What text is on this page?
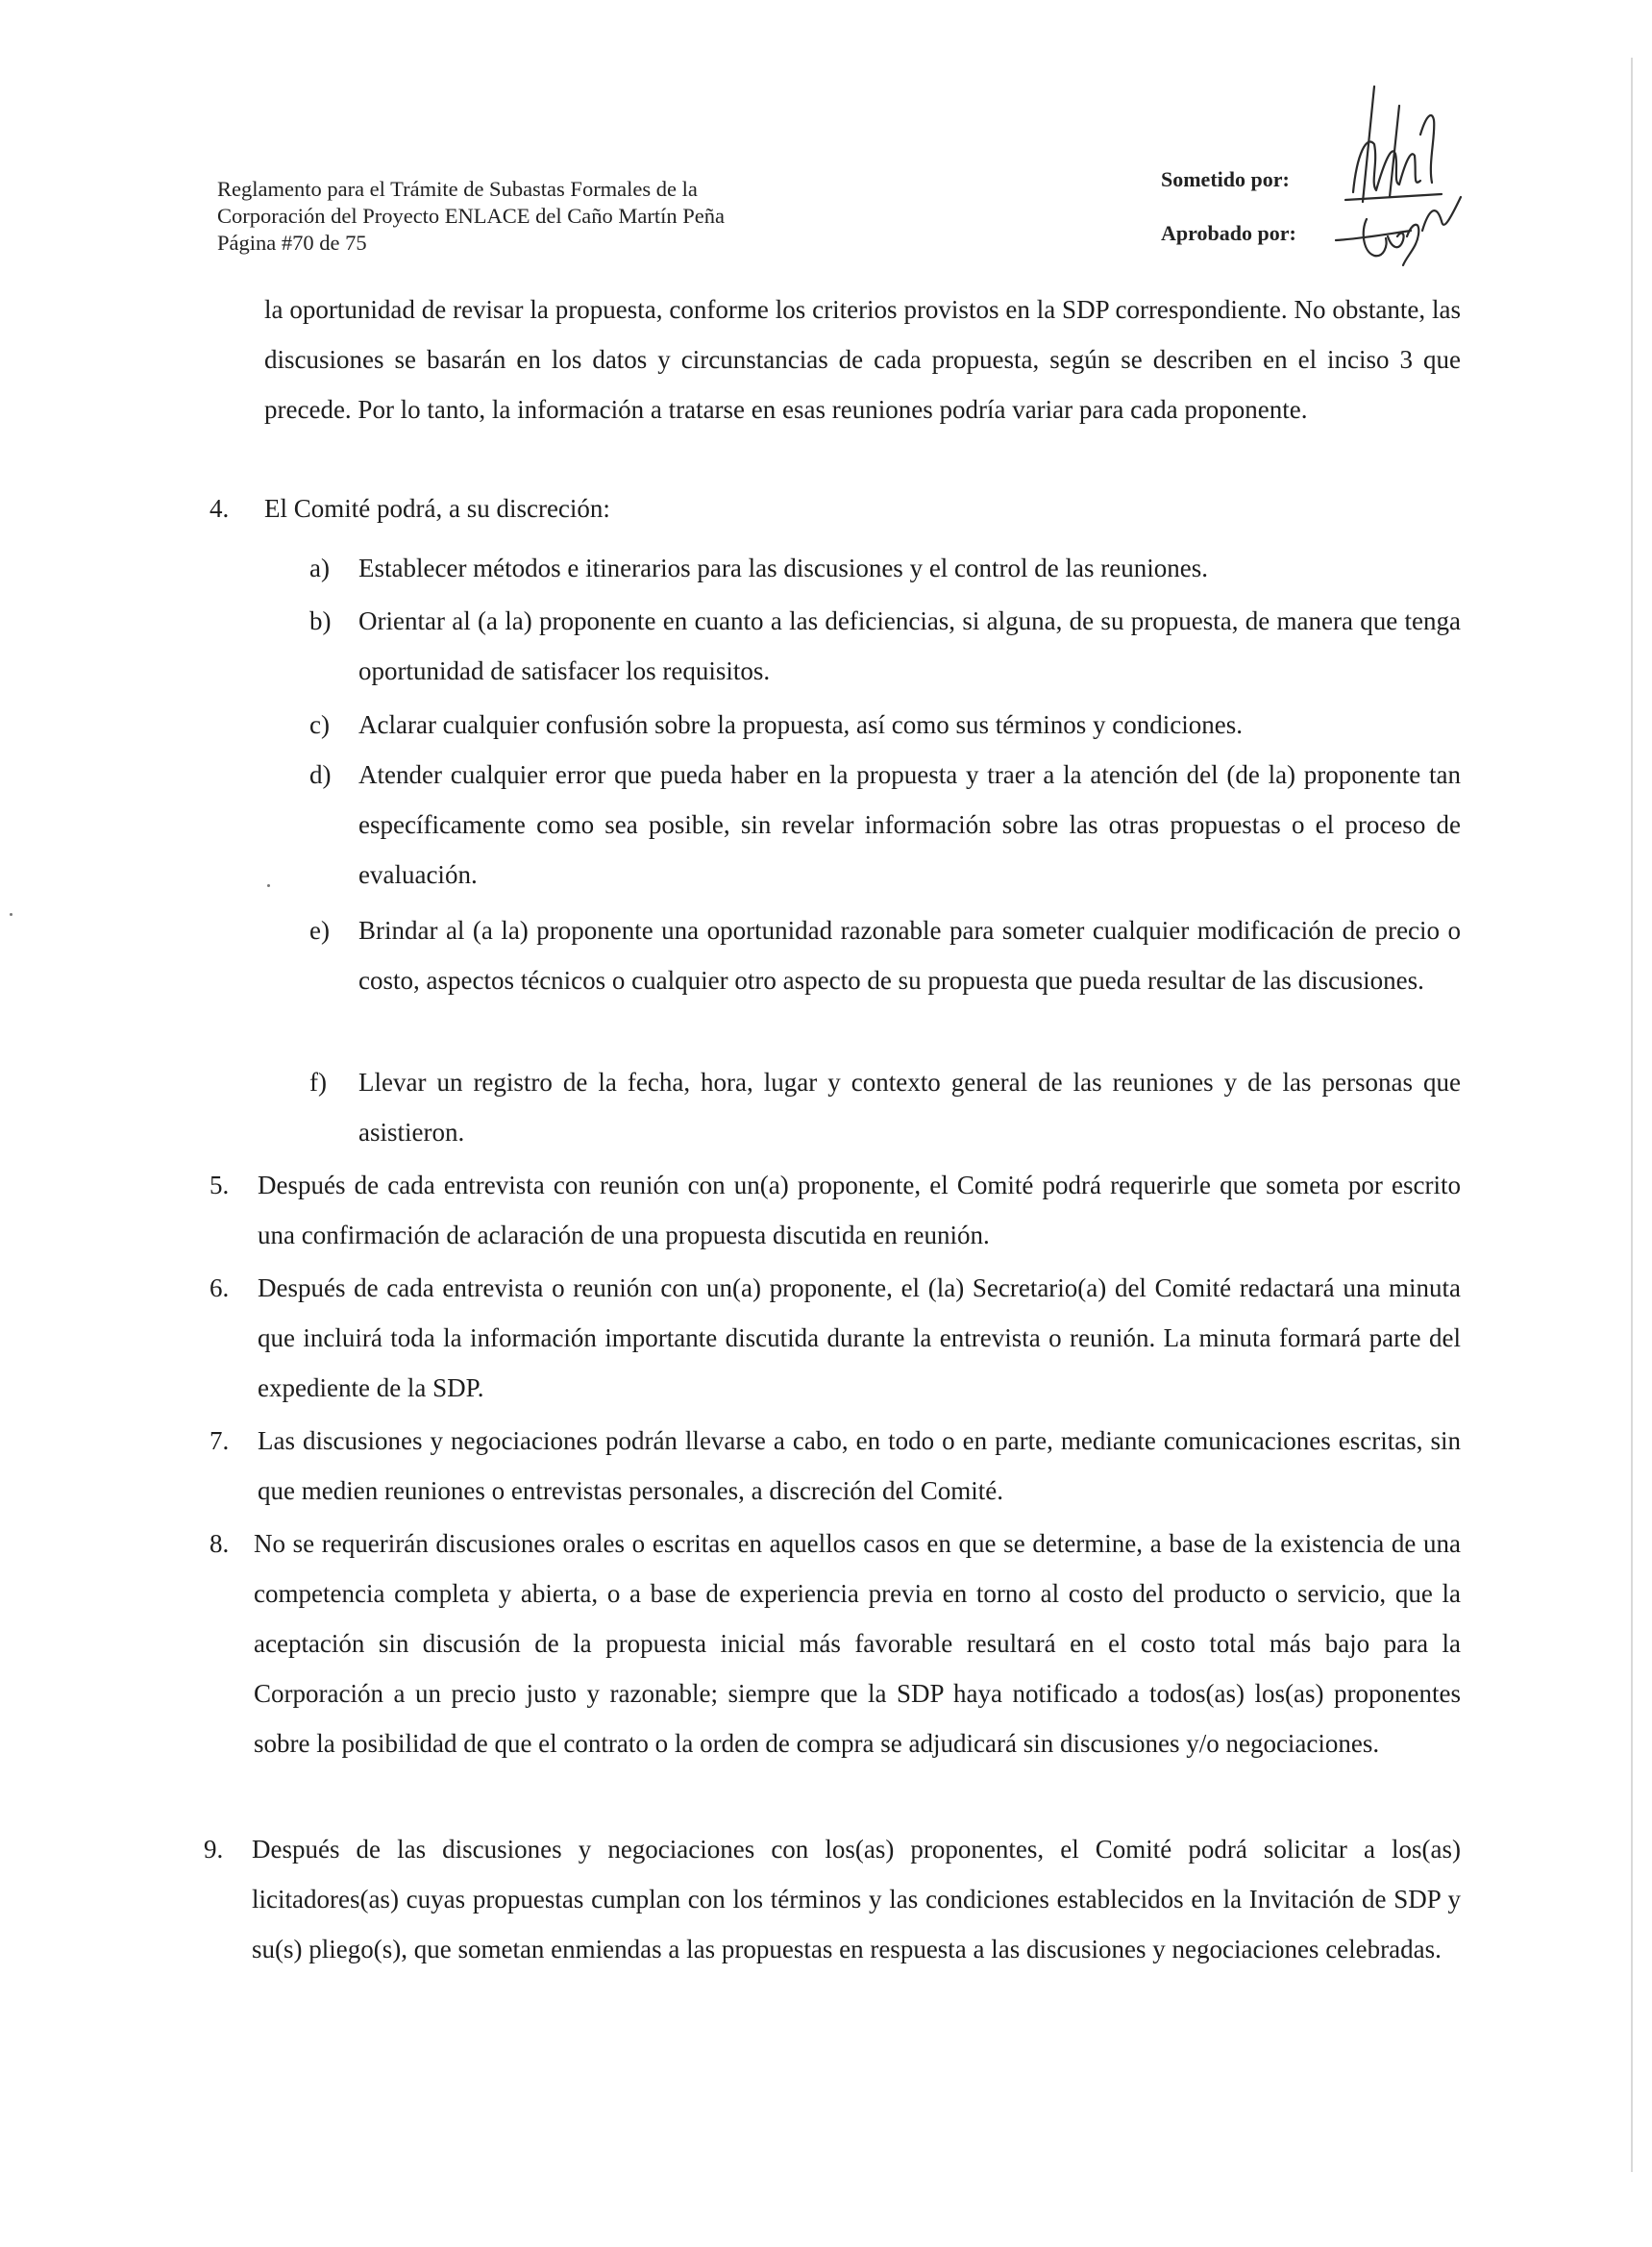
Reglamento para el Trámite de Subastas Formales de la
Corporación del Proyecto ENLACE del Caño Martín Peña
Página #70 de 75
Sometido por:
Aprobado por:
la oportunidad de revisar la propuesta, conforme los criterios provistos en la SDP correspondiente. No obstante, las discusiones se basarán en los datos y circunstancias de cada propuesta, según se describen en el inciso 3 que precede. Por lo tanto, la información a tratarse en esas reuniones podría variar para cada proponente.
4. El Comité podrá, a su discreción:
a) Establecer métodos e itinerarios para las discusiones y el control de las reuniones.
b) Orientar al (a la) proponente en cuanto a las deficiencias, si alguna, de su propuesta, de manera que tenga oportunidad de satisfacer los requisitos.
c) Aclarar cualquier confusión sobre la propuesta, así como sus términos y condiciones.
d) Atender cualquier error que pueda haber en la propuesta y traer a la atención del (de la) proponente tan específicamente como sea posible, sin revelar información sobre las otras propuestas o el proceso de evaluación.
e) Brindar al (a la) proponente una oportunidad razonable para someter cualquier modificación de precio o costo, aspectos técnicos o cualquier otro aspecto de su propuesta que pueda resultar de las discusiones.
f) Llevar un registro de la fecha, hora, lugar y contexto general de las reuniones y de las personas que asistieron.
5. Después de cada entrevista con reunión con un(a) proponente, el Comité podrá requerirle que someta por escrito una confirmación de aclaración de una propuesta discutida en reunión.
6. Después de cada entrevista o reunión con un(a) proponente, el (la) Secretario(a) del Comité redactará una minuta que incluirá toda la información importante discutida durante la entrevista o reunión. La minuta formará parte del expediente de la SDP.
7. Las discusiones y negociaciones podrán llevarse a cabo, en todo o en parte, mediante comunicaciones escritas, sin que medien reuniones o entrevistas personales, a discreción del Comité.
8. No se requerirán discusiones orales o escritas en aquellos casos en que se determine, a base de la existencia de una competencia completa y abierta, o a base de experiencia previa en torno al costo del producto o servicio, que la aceptación sin discusión de la propuesta inicial más favorable resultará en el costo total más bajo para la Corporación a un precio justo y razonable; siempre que la SDP haya notificado a todos(as) los(as) proponentes sobre la posibilidad de que el contrato o la orden de compra se adjudicará sin discusiones y/o negociaciones.
9. Después de las discusiones y negociaciones con los(as) proponentes, el Comité podrá solicitar a los(as) licitadores(as) cuyas propuestas cumplan con los términos y las condiciones establecidos en la Invitación de SDP y su(s) pliego(s), que sometan enmiendas a las propuestas en respuesta a las discusiones y negociaciones celebradas.
